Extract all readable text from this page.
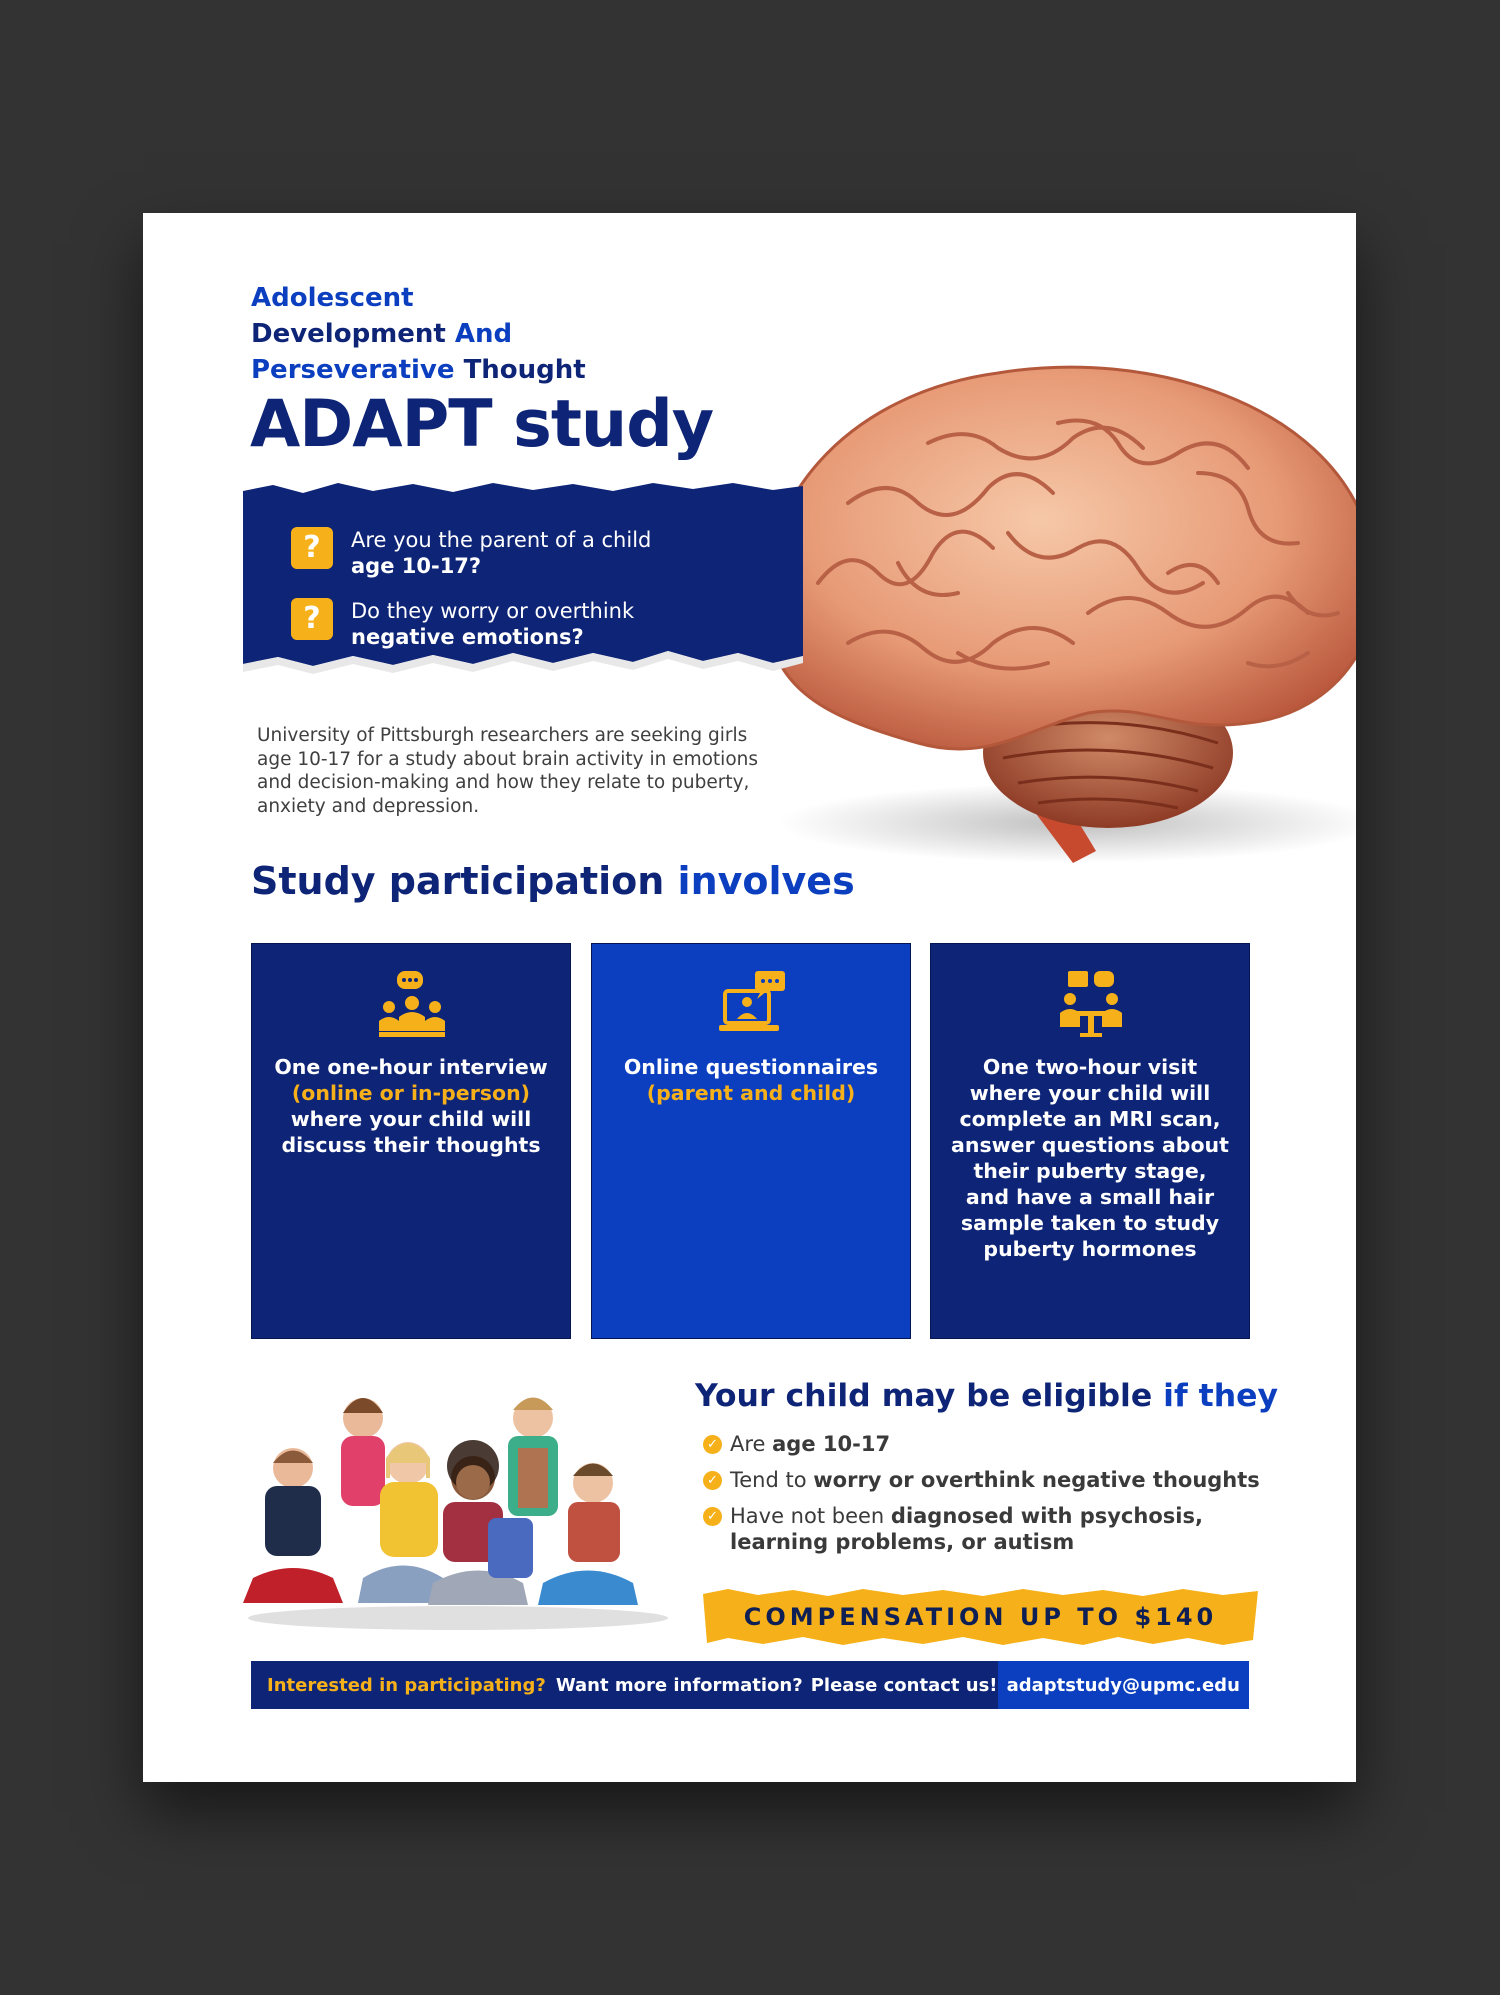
Adolescent
Development And
Perseverative Thought
ADAPT study
?	Are you the parent of a child
age 10-17?
?	Do they worry or overthink
negative emotions?
University of Pittsburgh researchers are seeking girls age 10-17 for a study about brain activity in emotions and decision-making and how they relate to puberty, anxiety and depression.
Study participation involves
One one-hour interview (online or in-person) where your child will discuss their thoughts
Online questionnaires (parent and child)
One two-hour visit where your child will complete an MRI scan, answer questions about their puberty stage, and have a small hair sample taken to study puberty hormones
Your child may be eligible if they
✓ Are age 10-17
✓ Tend to worry or overthink negative thoughts
✓ Have not been diagnosed with psychosis, learning problems, or autism
COMPENSATION UP TO $140
Interested in participating? Want more information? Please contact us! adaptstudy@upmc.edu
